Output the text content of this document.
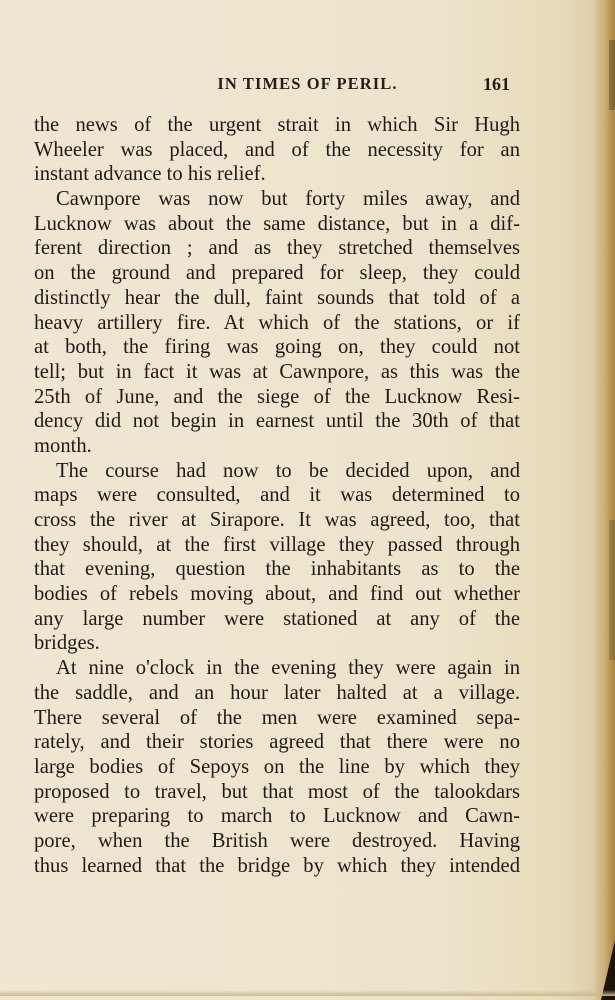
IN TIMES OF PERIL.	161
the news of the urgent strait in which Sir Hugh
Wheeler was placed, and of the necessity for an
instant advance to his relief.
Cawnpore was now but forty miles away, and
Lucknow was about the same distance, but in a dif-
ferent direction ; and as they stretched themselves
on the ground and prepared for sleep, they could
distinctly hear the dull, faint sounds that told of a
heavy artillery fire. At which of the stations, or if
at both, the firing was going on, they could not
tell; but in fact it was at Cawnpore, as this was the
25th of June, and the siege of the Lucknow Resi-
dency did not begin in earnest until the 30th of that
month.
The course had now to be decided upon, and
maps were consulted, and it was determined to
cross the river at Sirapore. It was agreed, too, that
they should, at the first village they passed through
that evening, question the inhabitants as to the
bodies of rebels moving about, and find out whether
any large number were stationed at any of the
bridges.
At nine o'clock in the evening they were again in
the saddle, and an hour later halted at a village.
There several of the men were examined sepa-
rately, and their stories agreed that there were no
large bodies of Sepoys on the line by which they
proposed to travel, but that most of the talookdars
were preparing to march to Lucknow and Cawn-
pore, when the British were destroyed. Having
thus learned that the bridge by which they intended
